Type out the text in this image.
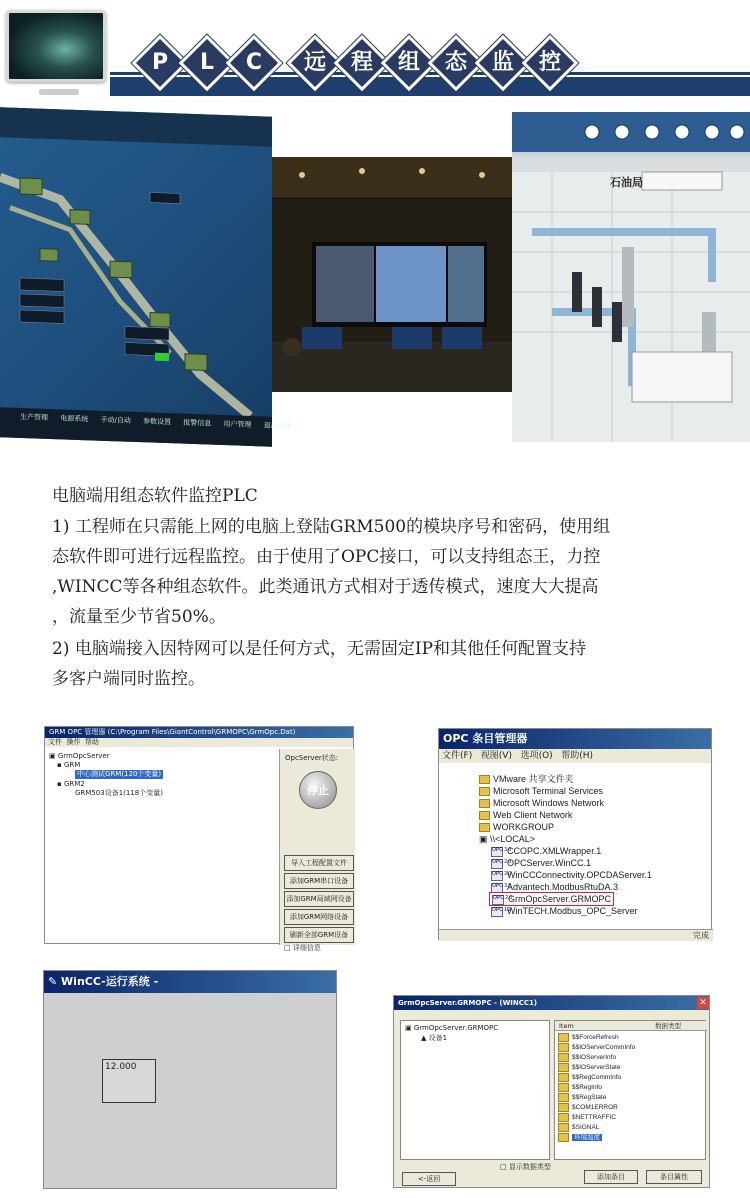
P	L	C	远 程 组 态 监 控
生产管理 电源系统 手动/自动 参数设置 报警信息 用户管理 退出系统
石油局
电脑端用组态软件监控PLC
1) 工程师在只需能上网的电脑上登陆GRM500的模块序号和密码，使用组
态软件即可进行远程监控。由于使用了OPC接口，可以支持组态王，力控
,WINCC等各种组态软件。此类通讯方式相对于透传模式，速度大大提高
，流量至少节省50%。
2) 电脑端接入因特网可以是任何方式，无需固定IP和其他任何配置支持
多客户端同时监控。
GRM OPC 管理器 (C:\Program Files\GiantControl\GRMOPC\GrmOpc.Dat)
文件 操作 帮助
▣ GrmOpcServer
▪ GRM
中心测试GRM(120个变量)
▪ GRM2
GRM503设备1(118个变量)
OpcServer状态:
停止
导入工程配置文件
添加GRM串口设备
添加GRM局域网设备
添加GRM网络设备
刷新全部GRM设备
□ 详细信息
OPC 条目管理器
文件(F) 视图(V) 选项(O) 帮助(H)
VMware 共享文件夹
Microsoft Terminal Services
Microsoft Windows Network
Web Client Network
WORKGROUP
▣ \\<LOCAL>
OPC 3.0CCOPC.XMLWrapper.1
OPC 2.0OPCServer.WinCC.1
OPC 2.0WinCCConnectivity.OPCDAServer.1
OPC 3.0Advantech.ModbusRtuDA.3
OPC 2.0GrmOpcServer.GRMOPC
OPC 1/2WinTECH.Modbus_OPC_Server
完成
✎ WinCC-运行系统 -
12.000
GrmOpcServer.GRMOPC - (WINCC1)	✕
▣ GrmOpcServer.GRMOPC
▲ 设备1
Item	数据类型
$$ForceRefresh
$$IOServerCommInfo
$$IOServerInfo
$$IOServerState
$$RegCommInfo
$$RegInfo
$$RegState
$COM1ERROR
$NETTRAFFIC
$SIGNAL
环境温度
□ 显示数据类型
<-返回	添加条目	条目属性
